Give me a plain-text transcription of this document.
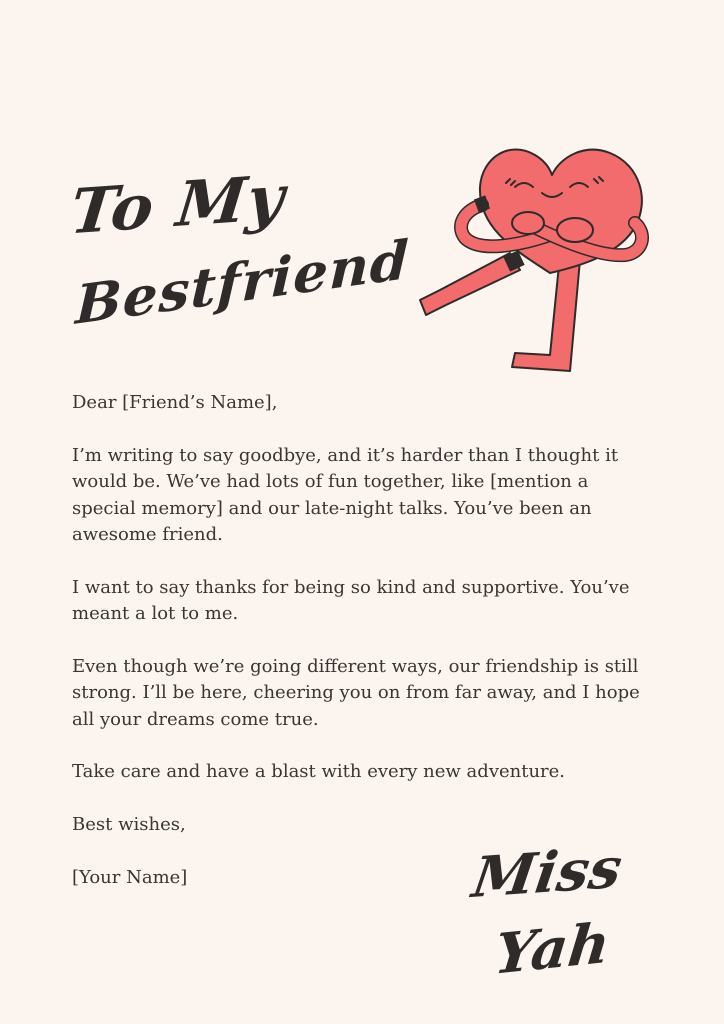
To My
Bestfriend

Dear [Friend’s Name],

I’m writing to say goodbye, and it’s harder than I thought it would be. We’ve had lots of fun together, like [mention a special memory] and our late-night talks. You’ve been an awesome friend.

I want to say thanks for being so kind and supportive. You’ve meant a lot to me.

Even though we’re going different ways, our friendship is still strong. I’ll be here, cheering you on from far away, and I hope all your dreams come true.

Take care and have a blast with every new adventure.

Best wishes,

[Your Name]	Miss
Yah
